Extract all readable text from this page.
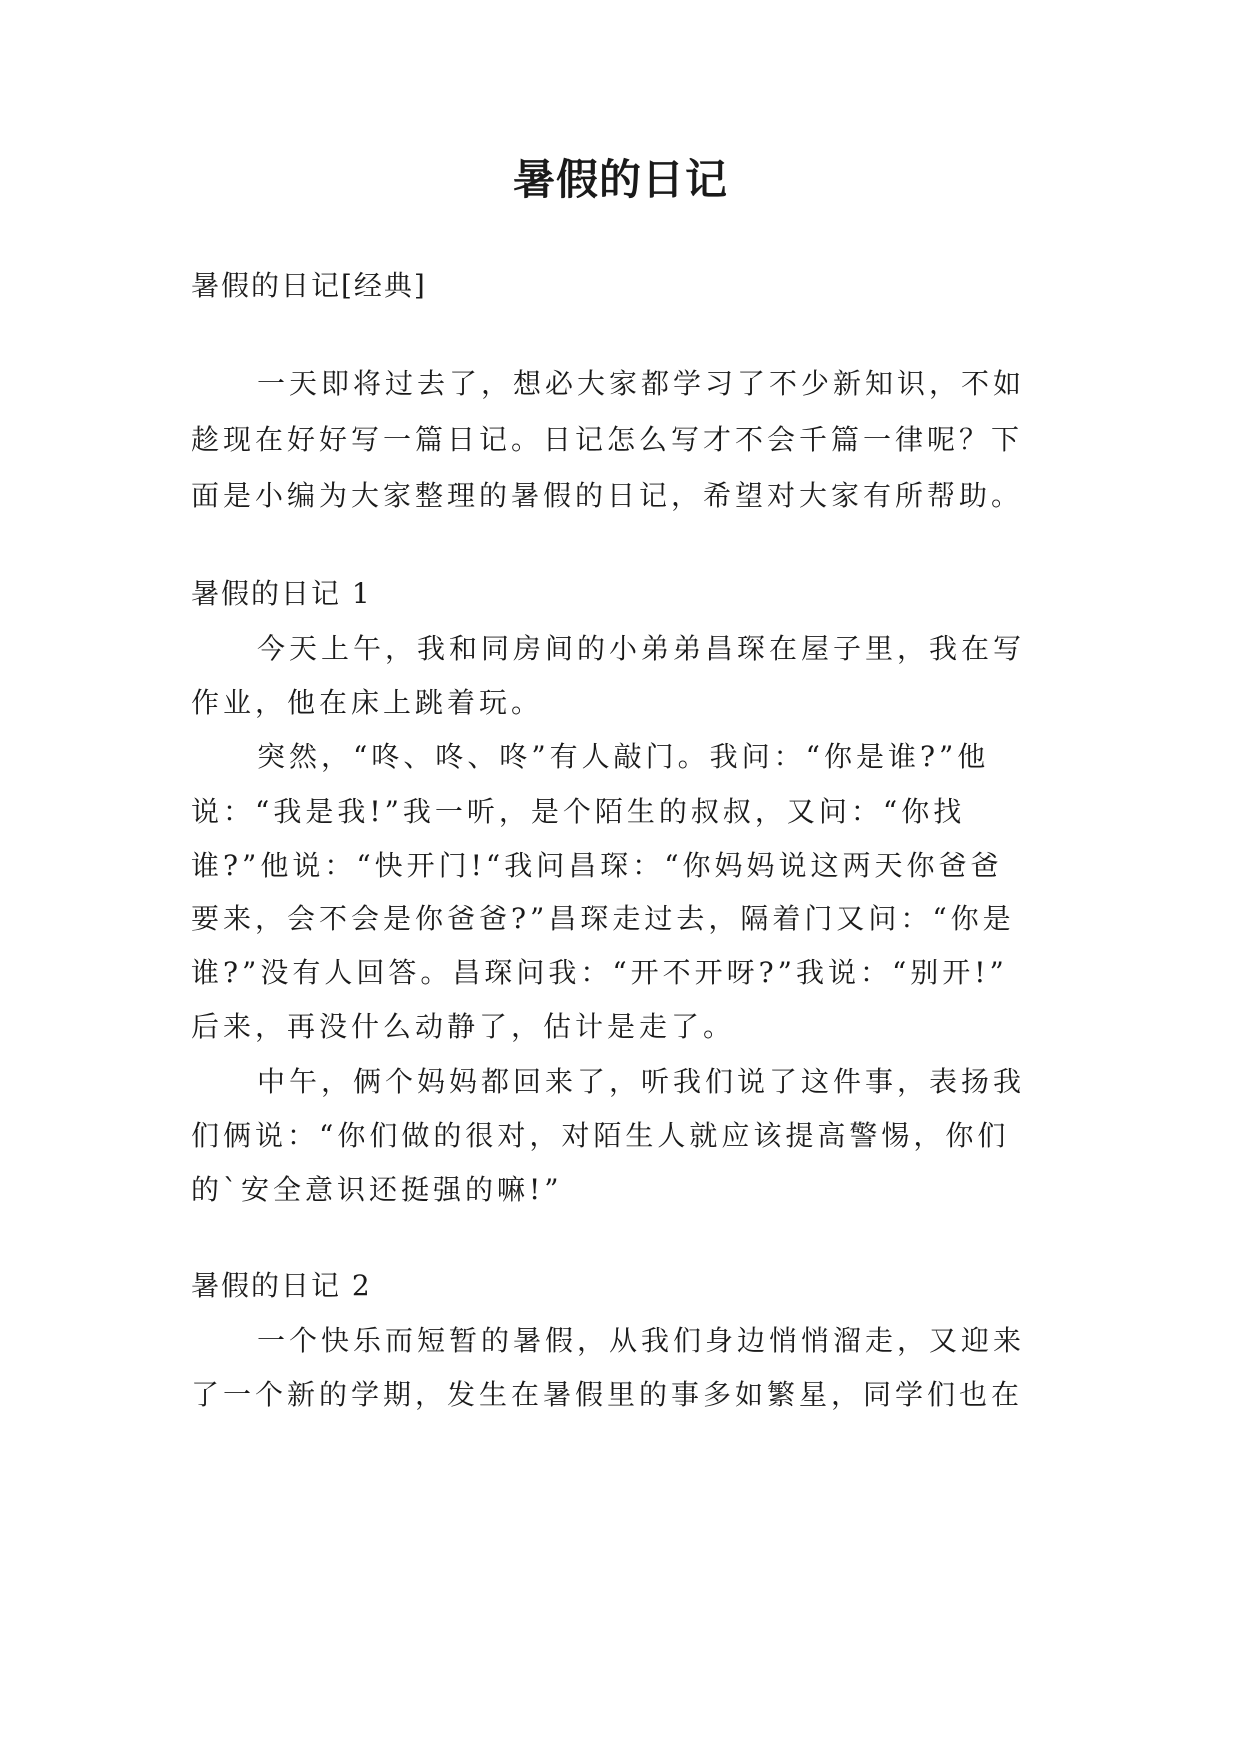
暑假的日记
暑假的日记[经典]
一天即将过去了，想必大家都学习了不少新知识，不如
趁现在好好写一篇日记。日记怎么写才不会千篇一律呢？下
面是小编为大家整理的暑假的日记，希望对大家有所帮助。
暑假的日记 1
今天上午，我和同房间的小弟弟昌琛在屋子里，我在写
作业，他在床上跳着玩。
突然，“咚、咚、咚”有人敲门。我问：“你是谁?”他
说：“我是我!”我一听，是个陌生的叔叔，又问：“你找
谁?”他说：“快开门!“我问昌琛：“你妈妈说这两天你爸爸
要来，会不会是你爸爸?”昌琛走过去，隔着门又问：“你是
谁?”没有人回答。昌琛问我：“开不开呀?”我说：“别开!”
后来，再没什么动静了，估计是走了。
中午，俩个妈妈都回来了，听我们说了这件事，表扬我
们俩说：“你们做的很对，对陌生人就应该提高警惕，你们
的`安全意识还挺强的嘛!”
暑假的日记 2
一个快乐而短暂的暑假，从我们身边悄悄溜走，又迎来
了一个新的学期，发生在暑假里的事多如繁星，同学们也在
